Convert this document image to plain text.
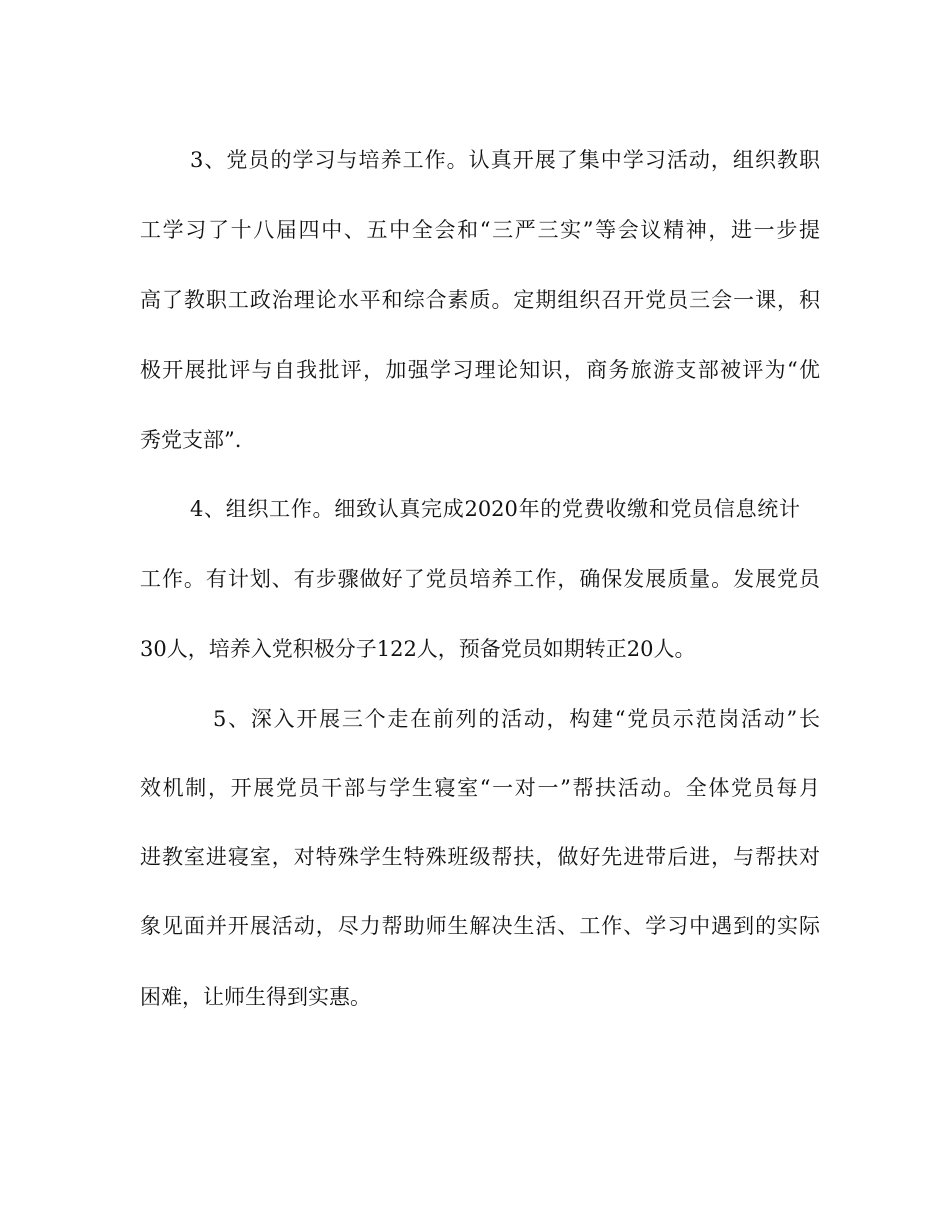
3、党员的学习与培养工作。认真开展了集中学习活动，组织教职
工学习了十八届四中、五中全会和“三严三实”等会议精神，进一步提
高了教职工政治理论水平和综合素质。定期组织召开党员三会一课，积
极开展批评与自我批评，加强学习理论知识，商务旅游支部被评为“优
秀党支部”.
4、组织工作。细致认真完成2020年的党费收缴和党员信息统计
工作。有计划、有步骤做好了党员培养工作，确保发展质量。发展党员
30人，培养入党积极分子122人，预备党员如期转正20人。
5、深入开展三个走在前列的活动，构建“党员示范岗活动”长
效机制，开展党员干部与学生寝室“一对一”帮扶活动。全体党员每月
进教室进寝室，对特殊学生特殊班级帮扶，做好先进带后进，与帮扶对
象见面并开展活动，尽力帮助师生解决生活、工作、学习中遇到的实际
困难，让师生得到实惠。
